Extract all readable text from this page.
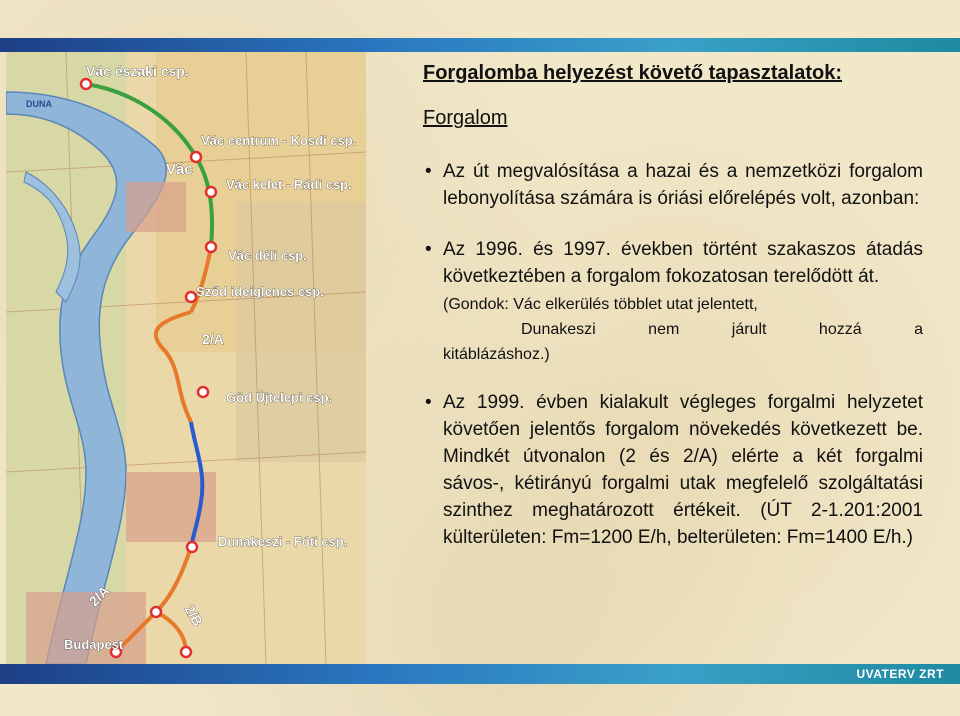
Vác északi csp.
Vác centrum - Kosdi csp.
Vác
Vác kelet - Rádi csp.
Vác déli csp.
Sződ ideiglenes csp.
2/A
Göd Újtelepi csp.
Dunakeszi - Fóti csp.
2/A
2/B
Budapest
DUNA
Forgalomba helyezést követő tapasztalatok:
Forgalom
• Az út megvalósítása a hazai és a nemzetközi forgalom lebonyolítása számára is óriási előrelépés volt, azonban:
• Az 1996. és 1997. években történt szakaszos átadás következtében a forgalom fokozatosan terelődött át.
(Gondok: Vác elkerülés többlet utat jelentett,
Dunakeszi	nem	járult	hozzá	a
kitáblázáshoz.)
• Az 1999. évben kialakult végleges forgalmi helyzetet követően jelentős forgalom növekedés következett be. Mindkét útvonalon (2 és 2/A) elérte a két forgalmi sávos-, kétirányú forgalmi utak megfelelő szolgáltatási szinthez meghatározott értékeit. (ÚT 2-1.201:2001 külterületen: Fm=1200 E/h, belterületen: Fm=1400 E/h.)
UVATERV ZRT
